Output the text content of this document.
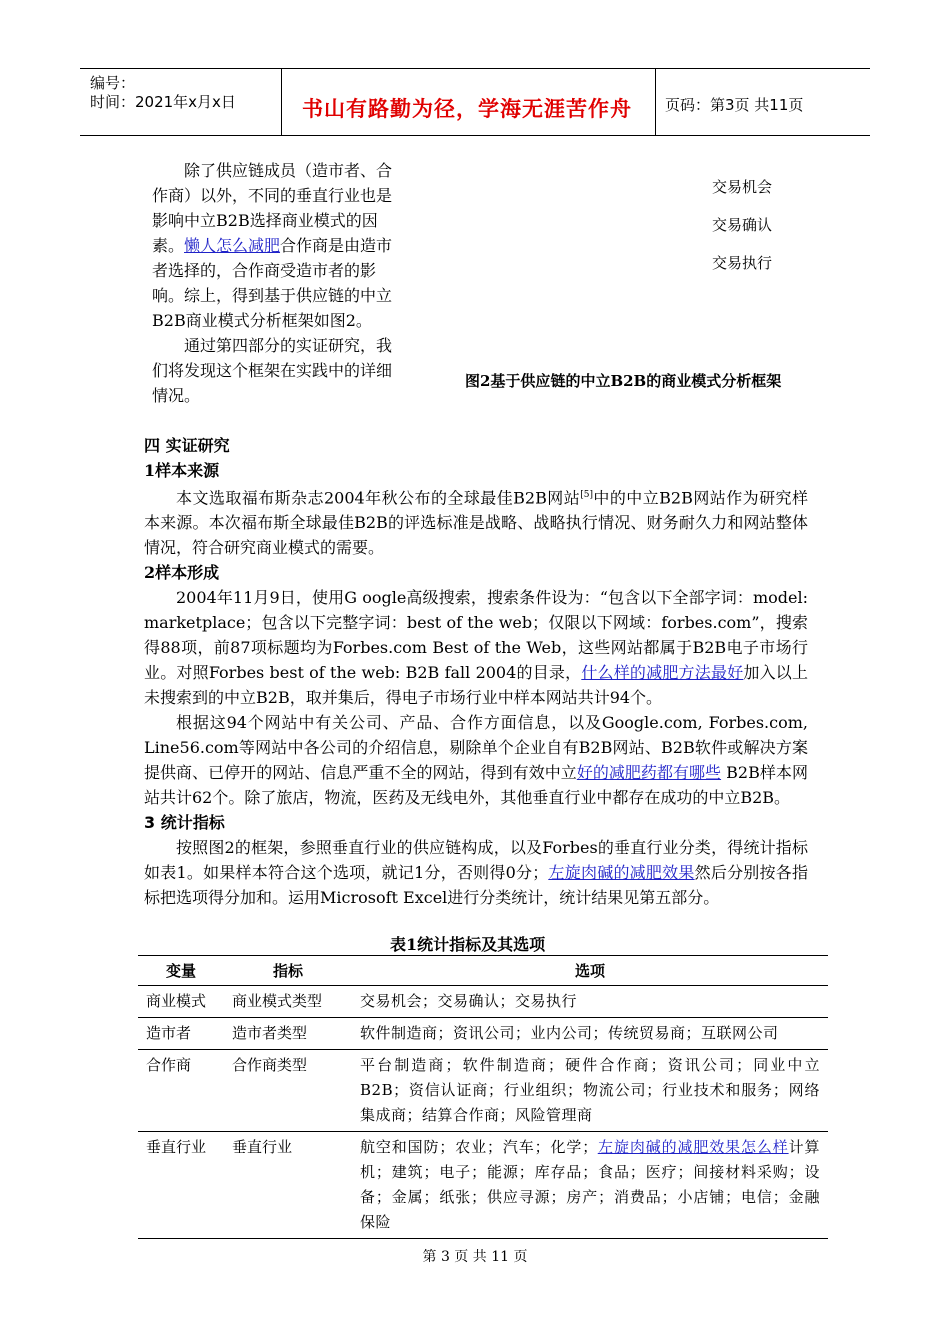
编号：
时间：2021年x月x日	书山有路勤为径，学海无涯苦作舟 页码：第3页 共11页

除了供应链成员（造市者、合作商）以外，不同的垂直行业也是影响中立B2B选择商业模式的因素。懒人怎么减肥合作商是由造市者选择的，合作商受造市者的影响。综上，得到基于供应链的中立B2B商业模式分析框架如图2。

通过第四部分的实证研究，我们将发现这个框架在实践中的详细情况。

交易机会
交易确认
交易执行
图2基于供应链的中立B2B的商业模式分析框架
四 实证研究
1样本来源

本文选取福布斯杂志2004年秋公布的全球最佳B2B网站[5]中的中立B2B网站作为研究样本来源。本次福布斯全球最佳B2B的评选标准是战略、战略执行情况、财务耐久力和网站整体情况，符合研究商业模式的需要。

2样本形成

2004年11月9日，使用G oogle高级搜索，搜索条件设为：“包含以下全部字词：model: marketplace；包含以下完整字词：best of the web；仅限以下网域：forbes.com”，搜索得88项，前87项标题均为Forbes.com Best of the Web，这些网站都属于B2B电子市场行业。对照Forbes best of the web: B2B fall 2004的目录，什么样的减肥方法最好加入以上未搜索到的中立B2B，取并集后，得电子市场行业中样本网站共计94个。

根据这94个网站中有关公司、产品、合作方面信息，以及Google.com, Forbes.com, Line56.com等网站中各公司的介绍信息，剔除单个企业自有B2B网站、B2B软件或解决方案提供商、已停开的网站、信息严重不全的网站，得到有效中立好的减肥药都有哪些 B2B样本网站共计62个。除了旅店，物流，医药及无线电外，其他垂直行业中都存在成功的中立B2B。

3 统计指标

按照图2的框架，参照垂直行业的供应链构成，以及Forbes的垂直行业分类，得统计指标如表1。如果样本符合这个选项，就记1分，否则得0分；左旋肉碱的减肥效果然后分别按各指标把选项得分加和。运用Microsoft Excel进行分类统计，统计结果见第五部分。

表1统计指标及其选项
变量	指标	选项
商业模式	商业模式类型	交易机会；交易确认；交易执行
造市者	造市者类型	软件制造商；资讯公司；业内公司；传统贸易商；互联网公司
合作商	合作商类型	平台制造商；软件制造商；硬件合作商；资讯公司；同业中立B2B；资信认证商；行业组织；物流公司；行业技术和服务；网络集成商；结算合作商；风险管理商
垂直行业	垂直行业	航空和国防；农业；汽车；化学；左旋肉碱的减肥效果怎么样计算机；建筑；电子；能源；库存品；食品；医疗；间接材料采购；设备；金属；纸张；供应寻源；房产；消费品；小店铺；电信；金融保险
第 3 页 共 11 页
